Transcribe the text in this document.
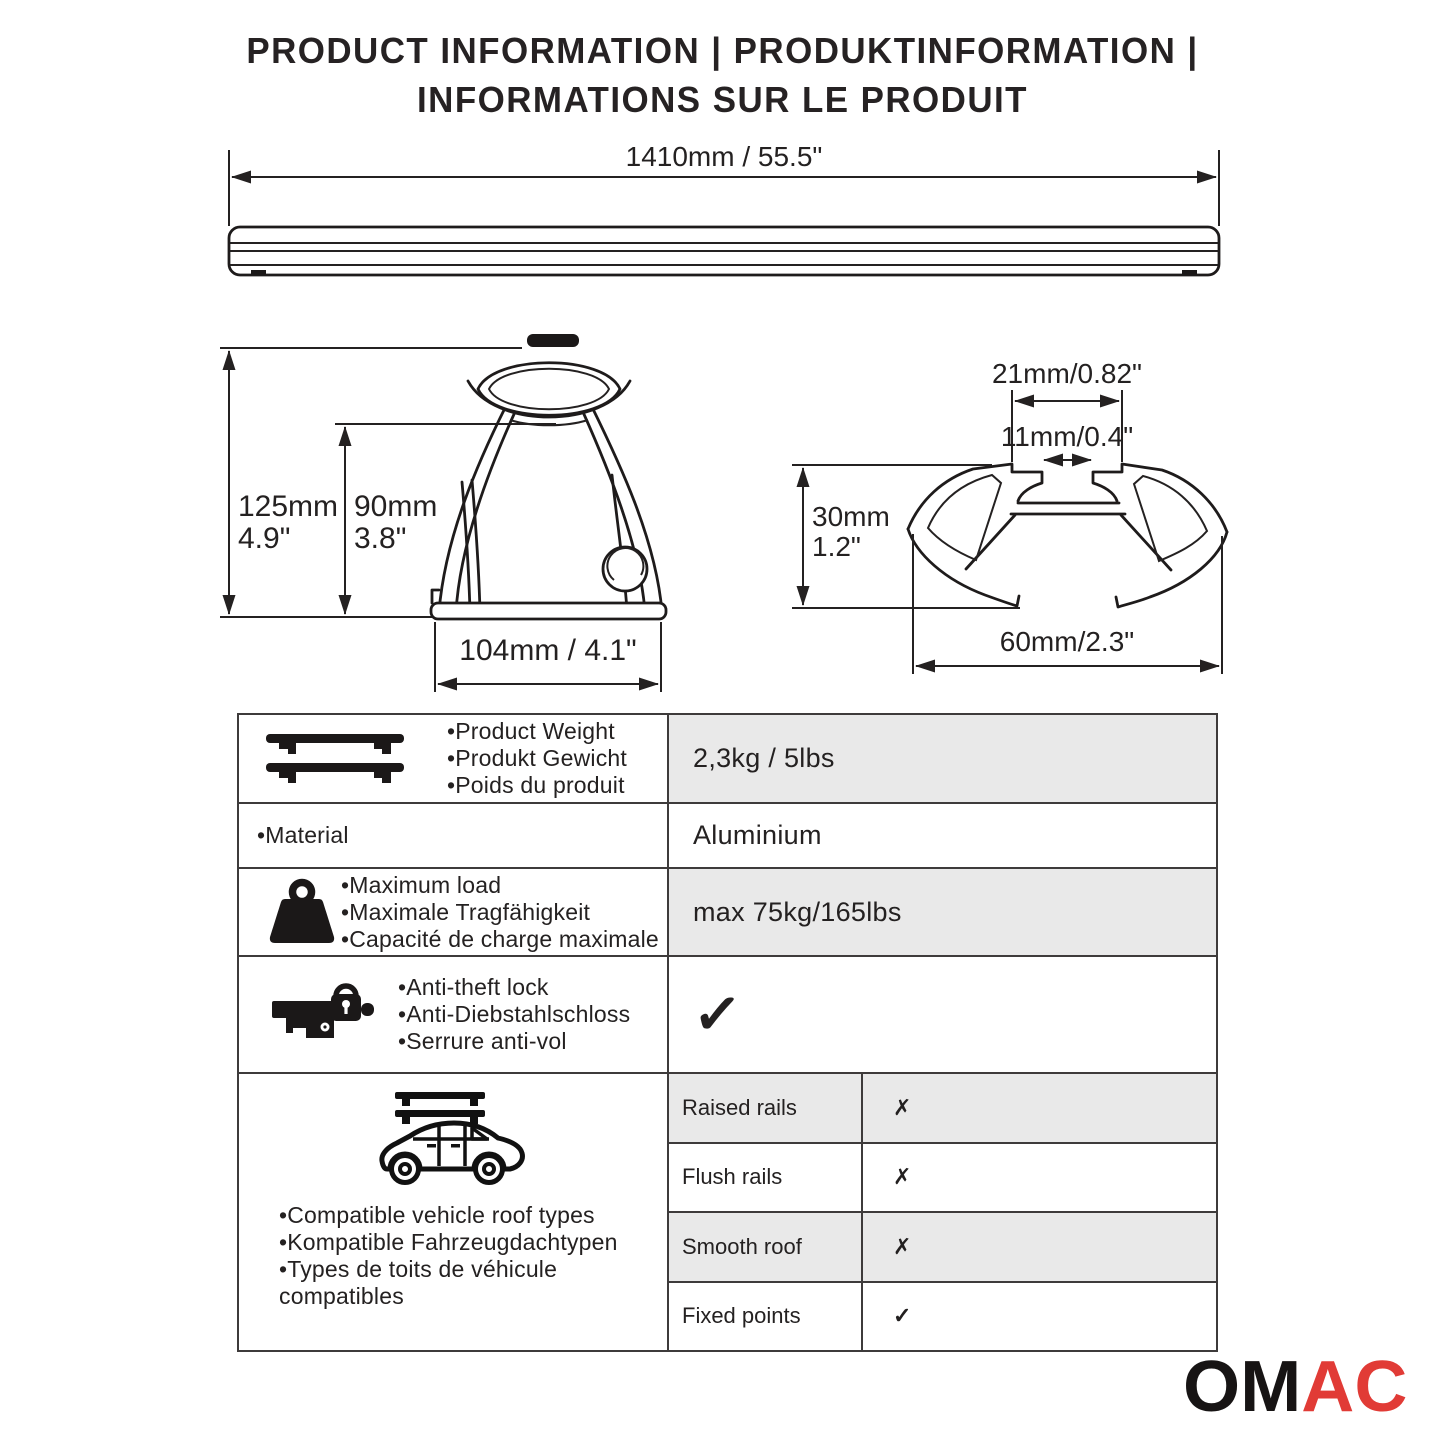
PRODUCT INFORMATION | PRODUKTINFORMATION |
INFORMATIONS SUR LE PRODUIT
1410mm / 55.5"
125mm
4.9"
90mm
3.8"
104mm / 4.1"
21mm/0.82"
11mm/0.4"
30mm
1.2"
60mm/2.3"
•Product Weight
•Produkt Gewicht
•Poids du produit
2,3kg / 5lbs
•Material	Aluminium
•Maximum load
•Maximale Tragfähigkeit
•Capacité de charge maximale
max 75kg/165lbs
•Anti-theft lock
•Anti-Diebstahlschloss
•Serrure anti-vol	✓
•Compatible vehicle roof types
•Kompatible Fahrzeugdachtypen
•Types de toits de véhicule
compatibles
Raised rails	✗
Flush rails	✗
Smooth roof	✗
Fixed points	✓
OMAC
